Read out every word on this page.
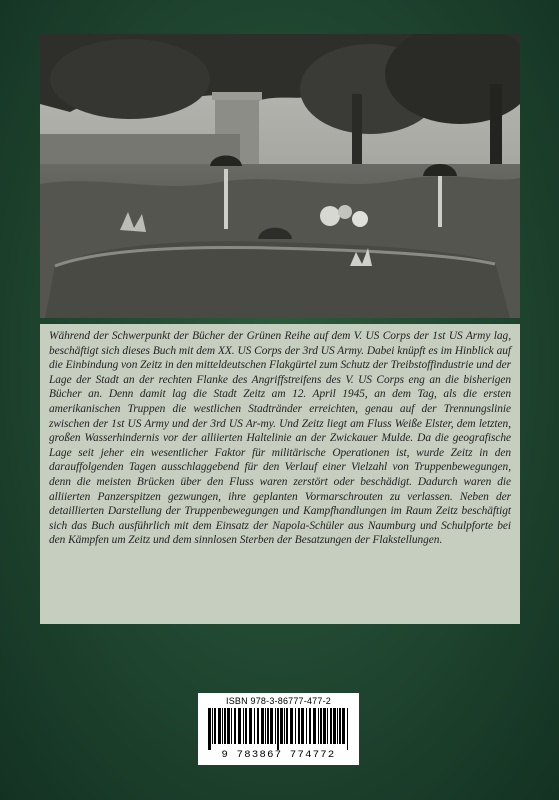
Während der Schwerpunkt der Bücher der Grünen Reihe auf dem V. US Corps der 1st US Army lag, beschäftigt sich dieses Buch mit dem XX. US Corps der 3rd US Army. Dabei knüpft es im Hinblick auf die Einbindung von Zeitz in den mitteldeutschen Flakgürtel zum Schutz der Treibstoffindustrie und der Lage der Stadt an der rechten Flanke des Angriffstreifens des V. US Corps eng an die bisherigen Bücher an. Denn damit lag die Stadt Zeitz am 12. April 1945, an dem Tag, als die ersten amerikanischen Truppen die westlichen Stadtränder erreichten, genau auf der Trennungslinie zwischen der 1st US Army und der 3rd US Ar-my. Und Zeitz liegt am Fluss Weiße Elster, dem letzten, großen Wasserhindernis vor der alliierten Haltelinie an der Zwickauer Mulde. Da die geografische Lage seit jeher ein wesentlicher Faktor für militärische Operationen ist, wurde Zeitz in den darauffolgenden Tagen ausschlaggebend für den Verlauf einer Vielzahl von Truppenbewegungen, denn die meisten Brücken über den Fluss waren zerstört oder beschädigt. Dadurch waren die alliierten Panzerspitzen gezwungen, ihre geplanten Vormarschrouten zu verlassen. Neben der detaillierten Darstellung der Truppenbewegungen und Kampfhandlungen im Raum Zeitz beschäftigt sich das Buch ausführlich mit dem Einsatz der Napola-Schüler aus Naumburg und Schulpforte bei den Kämpfen um Zeitz und dem sinnlosen Sterben der Besatzungen der Flakstellungen.

ISBN 978-3-86777-477-2
9 783867 774772
